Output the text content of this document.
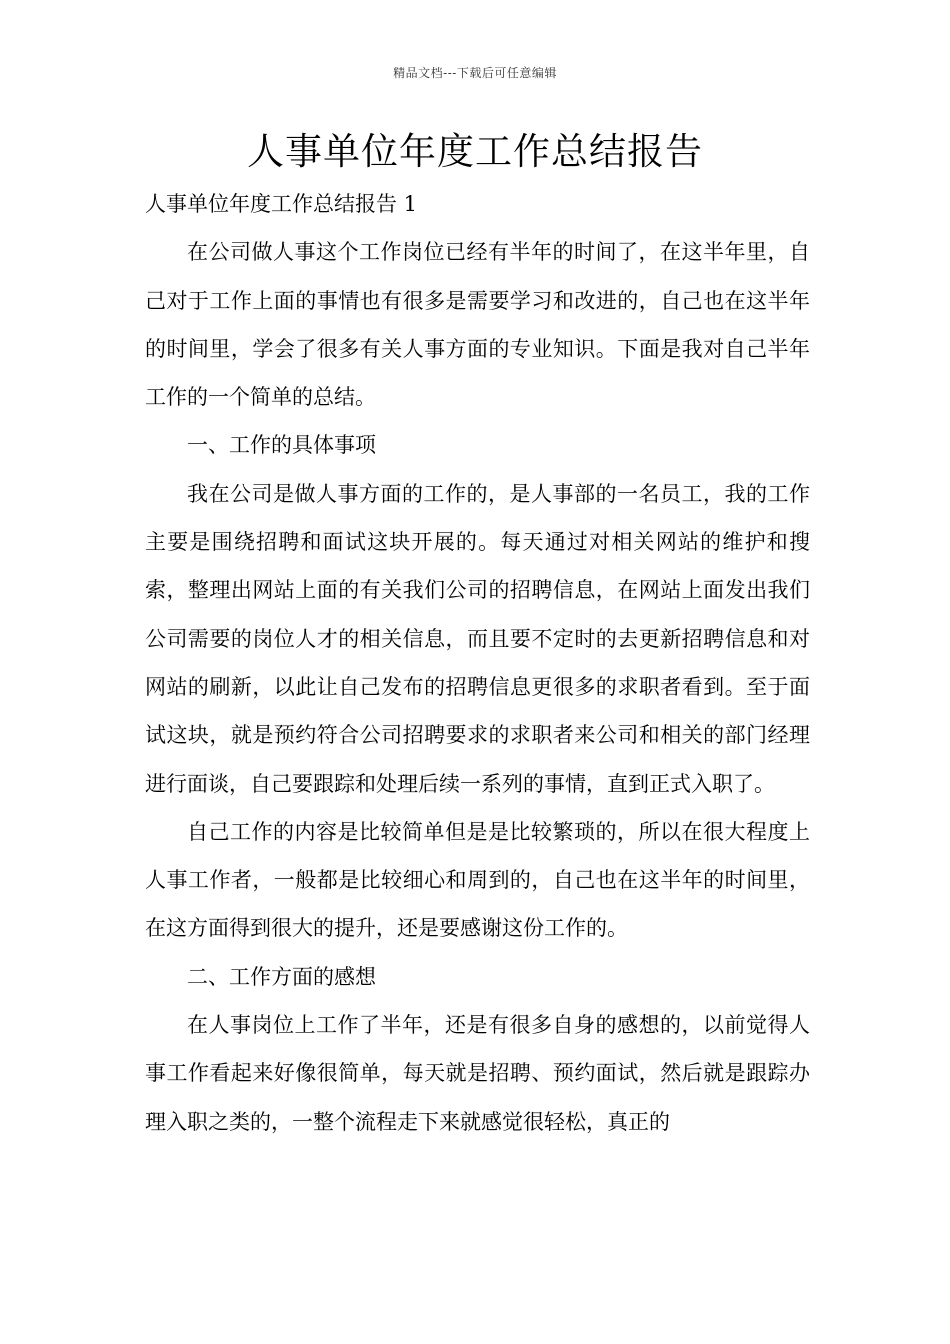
精品文档---下载后可任意编辑
人事单位年度工作总结报告

人事单位年度工作总结报告 1

在公司做人事这个工作岗位已经有半年的时间了，在这半年里，自己对于工作上面的事情也有很多是需要学习和改进的，自己也在这半年的时间里，学会了很多有关人事方面的专业知识。下面是我对自己半年工作的一个简单的总结。

一、工作的具体事项

我在公司是做人事方面的工作的，是人事部的一名员工，我的工作主要是围绕招聘和面试这块开展的。每天通过对相关网站的维护和搜索，整理出网站上面的有关我们公司的招聘信息，在网站上面发出我们公司需要的岗位人才的相关信息，而且要不定时的去更新招聘信息和对网站的刷新，以此让自己发布的招聘信息更很多的求职者看到。至于面试这块，就是预约符合公司招聘要求的求职者来公司和相关的部门经理进行面谈，自己要跟踪和处理后续一系列的事情，直到正式入职了。

自己工作的内容是比较简单但是是比较繁琐的，所以在很大程度上人事工作者，一般都是比较细心和周到的，自己也在这半年的时间里，在这方面得到很大的提升，还是要感谢这份工作的。

二、工作方面的感想

在人事岗位上工作了半年，还是有很多自身的感想的，以前觉得人事工作看起来好像很简单，每天就是招聘、预约面试，然后就是跟踪办理入职之类的，一整个流程走下来就感觉很轻松，真正的
